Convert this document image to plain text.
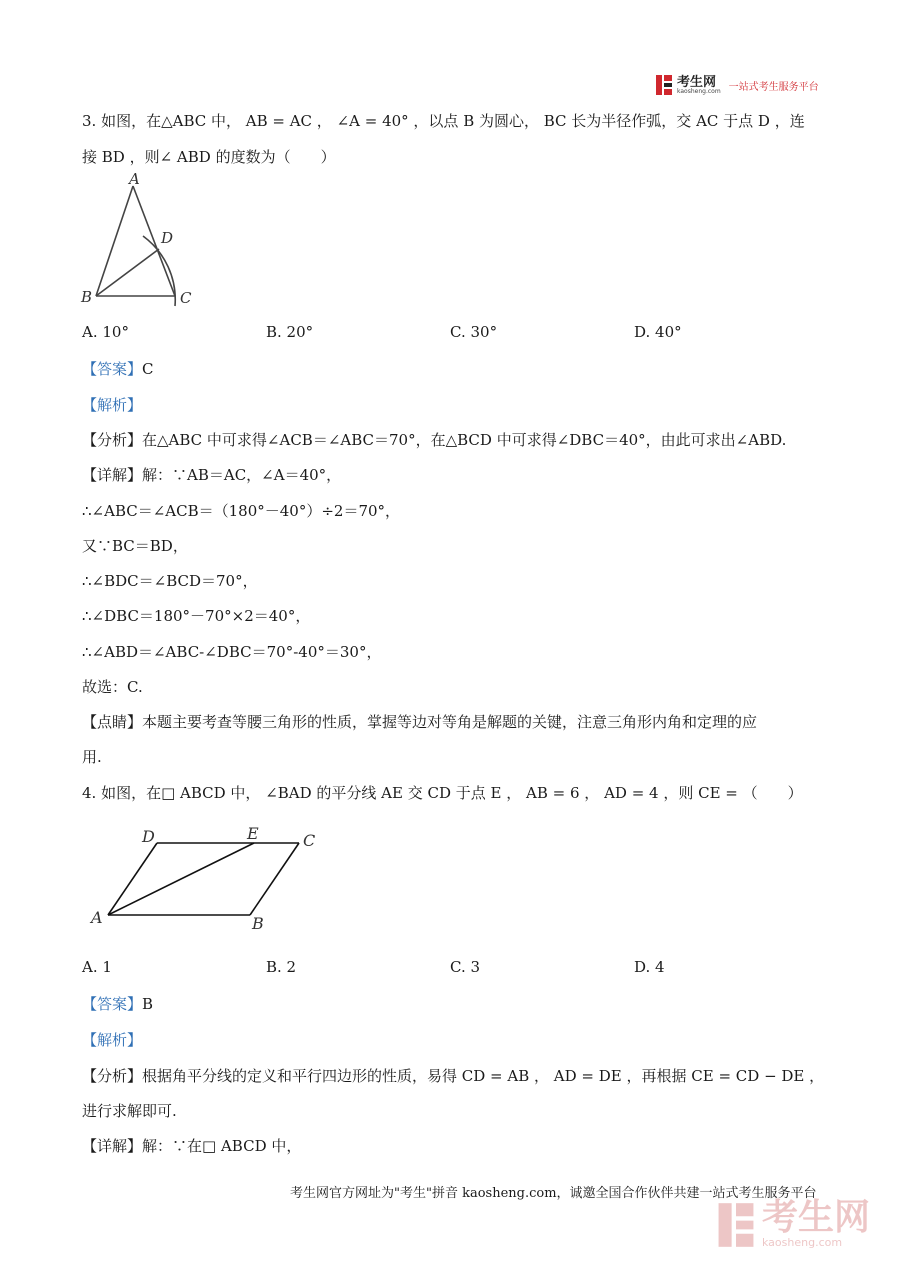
考生网
kaosheng.com 一站式考生服务平台
3. 如图，在△ABC 中， AB = AC ， ∠A = 40° ，以点 B 为圆心， BC 长为半径作弧，交 AC 于点 D ，连
接 BD ，则∠ ABD 的度数为（　　）
A
B	C
D
A. 10°	B. 20°	C. 30°	D. 40°
【答案】C
【解析】
【分析】在△ABC 中可求得∠ACB＝∠ABC＝70°，在△BCD 中可求得∠DBC＝40°，由此可求出∠ABD.
【详解】解：∵AB＝AC，∠A＝40°，
∴∠ABC＝∠ACB＝（180°－40°）÷2＝70°，
又∵BC＝BD，
∴∠BDC＝∠BCD＝70°，
∴∠DBC＝180°－70°×2＝40°，
∴∠ABD＝∠ABC‐∠DBC＝70°‐40°＝30°，
故选：C.
【点睛】本题主要考查等腰三角形的性质，掌握等边对等角是解题的关键，注意三角形内角和定理的应
用.
4. 如图，在□ ABCD 中， ∠BAD 的平分线 AE 交 CD 于点 E ， AB = 6 ， AD = 4 ，则 CE = （　　）
A	B
C
D	E
A. 1	B. 2	C. 3	D. 4
【答案】B
【解析】
【分析】根据角平分线的定义和平行四边形的性质，易得 CD = AB ， AD = DE ，再根据 CE = CD − DE ，
进行求解即可.
【详解】解：∵在□ ABCD 中，
考生网官方网址为"考生"拼音 kaosheng.com，诚邀全国合作伙伴共建一站式考生服务平台
考生网
kaosheng.com
